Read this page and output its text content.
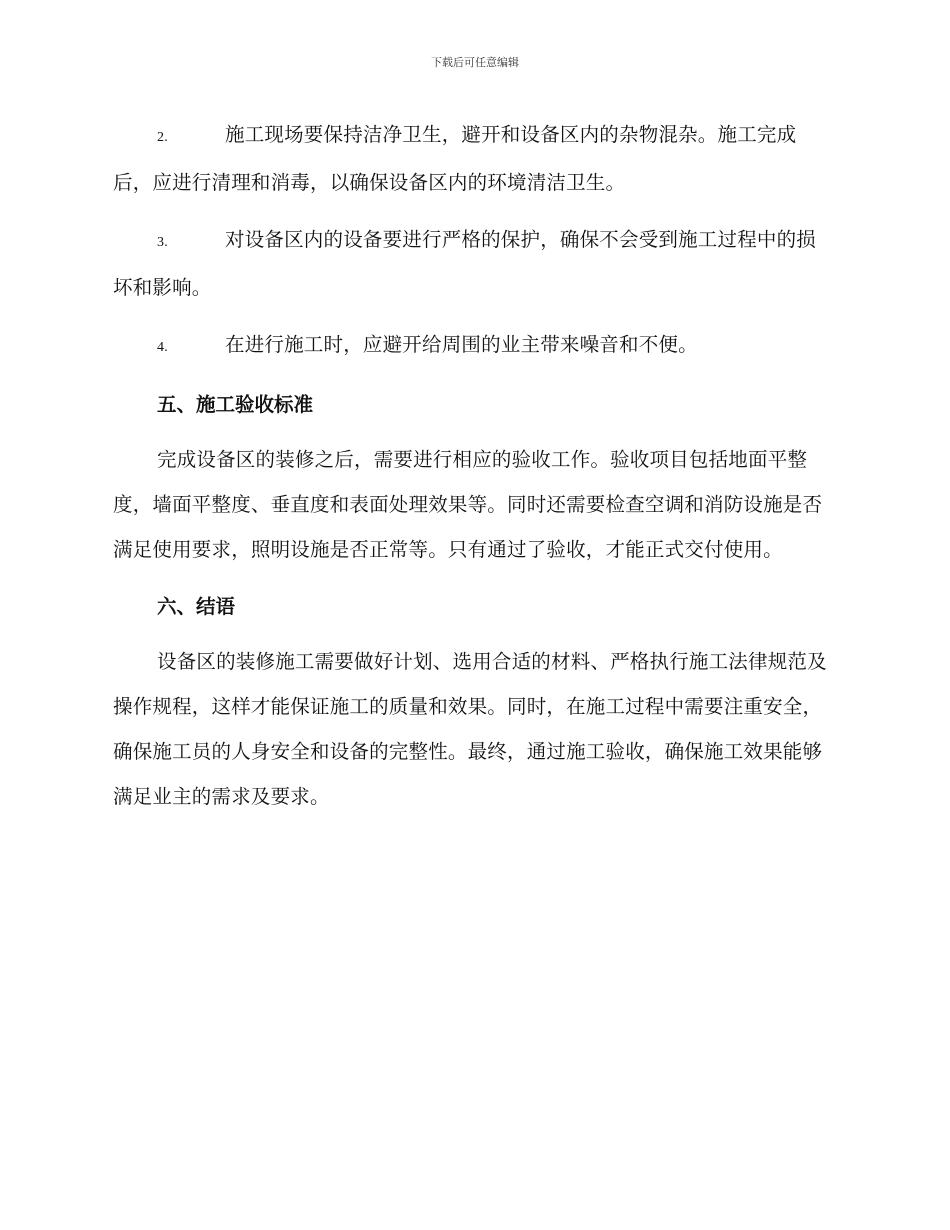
下载后可任意编辑
2.	施工现场要保持洁净卫生，避开和设备区内的杂物混杂。施工完成后，应进行清理和消毒，以确保设备区内的环境清洁卫生。
3.	对设备区内的设备要进行严格的保护，确保不会受到施工过程中的损坏和影响。
4.	在进行施工时，应避开给周围的业主带来噪音和不便。
五、施工验收标准
完成设备区的装修之后，需要进行相应的验收工作。验收项目包括地面平整度，墙面平整度、垂直度和表面处理效果等。同时还需要检查空调和消防设施是否满足使用要求，照明设施是否正常等。只有通过了验收，才能正式交付使用。
六、结语
设备区的装修施工需要做好计划、选用合适的材料、严格执行施工法律规范及操作规程，这样才能保证施工的质量和效果。同时，在施工过程中需要注重安全，确保施工员的人身安全和设备的完整性。最终，通过施工验收，确保施工效果能够满足业主的需求及要求。
